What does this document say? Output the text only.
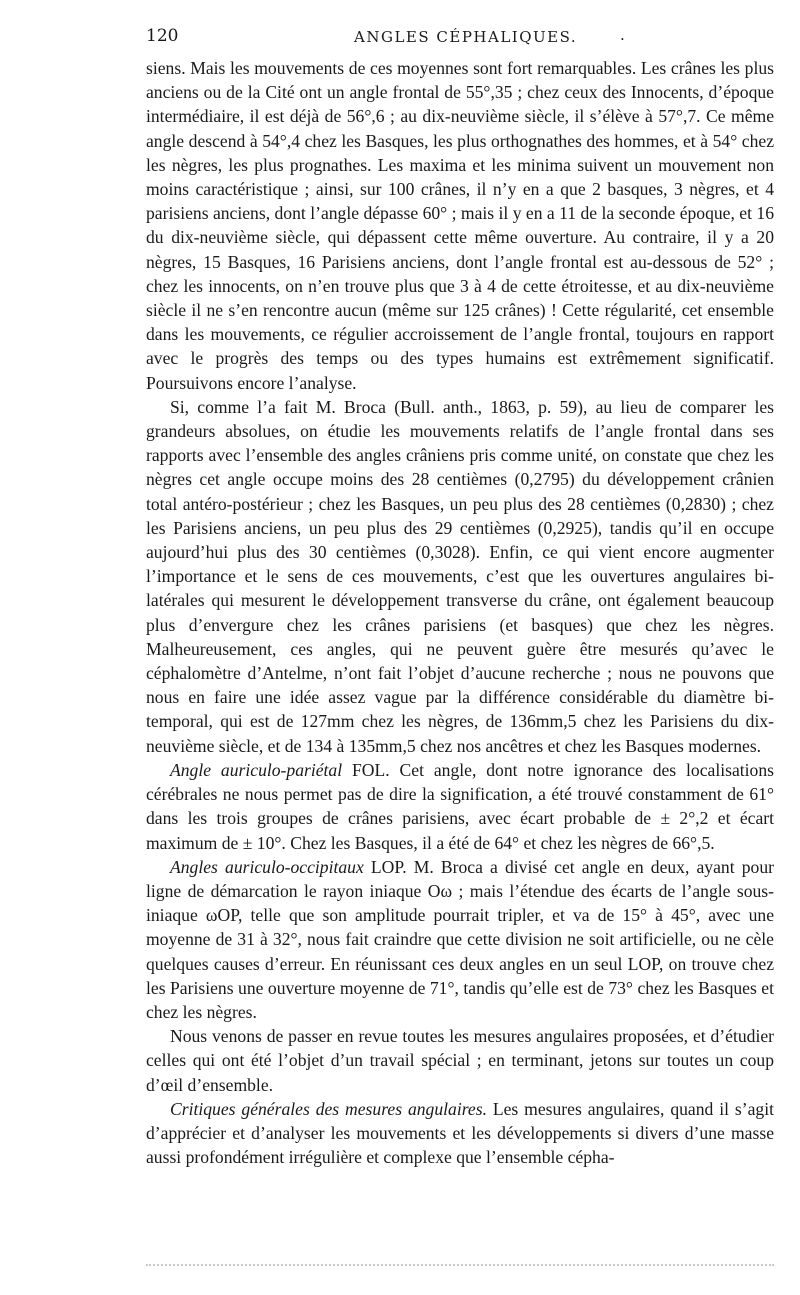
120	ANGLES CÉPHALIQUES.	.

siens. Mais les mouvements de ces moyennes sont fort remarquables. Les crânes les plus anciens ou de la Cité ont un angle frontal de 55°,35 ; chez ceux des Innocents, d’époque intermédiaire, il est déjà de 56°,6 ; au dix-neuvième siècle, il s’élève à 57°,7. Ce même angle descend à 54°,4 chez les Basques, les plus orthognathes des hommes, et à 54° chez les nègres, les plus prognathes. Les maxima et les minima suivent un mouvement non moins caractéristique ; ainsi, sur 100 crânes, il n’y en a que 2 basques, 3 nègres, et 4 parisiens anciens, dont l’angle dépasse 60° ; mais il y en a 11 de la seconde époque, et 16 du dix-neuvième siècle, qui dépassent cette même ouverture. Au contraire, il y a 20 nègres, 15 Basques, 16 Parisiens anciens, dont l’angle frontal est au-dessous de 52° ; chez les innocents, on n’en trouve plus que 3 à 4 de cette étroitesse, et au dix-neuvième siècle il ne s’en rencontre aucun (même sur 125 crânes) ! Cette régularité, cet ensemble dans les mouvements, ce régulier accroissement de l’angle frontal, toujours en rapport avec le progrès des temps ou des types humains est extrêmement significatif. Poursuivons encore l’analyse.

Si, comme l’a fait M. Broca (Bull. anth., 1863, p. 59), au lieu de comparer les grandeurs absolues, on étudie les mouvements relatifs de l’angle frontal dans ses rapports avec l’ensemble des angles crâniens pris comme unité, on constate que chez les nègres cet angle occupe moins des 28 centièmes (0,2795) du développement crânien total antéro-postérieur ; chez les Basques, un peu plus des 28 centièmes (0,2830) ; chez les Parisiens anciens, un peu plus des 29 centièmes (0,2925), tandis qu’il en occupe aujourd’hui plus des 30 centièmes (0,3028). Enfin, ce qui vient encore augmenter l’importance et le sens de ces mouvements, c’est que les ouvertures angulaires bi-latérales qui mesurent le développement transverse du crâne, ont également beaucoup plus d’envergure chez les crânes parisiens (et basques) que chez les nègres. Malheureusement, ces angles, qui ne peuvent guère être mesurés qu’avec le céphalomètre d’Antelme, n’ont fait l’objet d’aucune recherche ; nous ne pouvons que nous en faire une idée assez vague par la différence considérable du diamètre bi-temporal, qui est de 127mm chez les nègres, de 136mm,5 chez les Parisiens du dix-neuvième siècle, et de 134 à 135mm,5 chez nos ancêtres et chez les Basques modernes.

Angle auriculo-pariétal FOL. Cet angle, dont notre ignorance des localisations cérébrales ne nous permet pas de dire la signification, a été trouvé constamment de 61° dans les trois groupes de crânes parisiens, avec écart probable de ± 2°,2 et écart maximum de ± 10°. Chez les Basques, il a été de 64° et chez les nègres de 66°,5.

Angles auriculo-occipitaux LOP. M. Broca a divisé cet angle en deux, ayant pour ligne de démarcation le rayon iniaque Oω ; mais l’étendue des écarts de l’angle sous-iniaque ωOP, telle que son amplitude pourrait tripler, et va de 15° à 45°, avec une moyenne de 31 à 32°, nous fait craindre que cette division ne soit artificielle, ou ne cèle quelques causes d’erreur. En réunissant ces deux angles en un seul LOP, on trouve chez les Parisiens une ouverture moyenne de 71°, tandis qu’elle est de 73° chez les Basques et chez les nègres.

Nous venons de passer en revue toutes les mesures angulaires proposées, et d’étudier celles qui ont été l’objet d’un travail spécial ; en terminant, jetons sur toutes un coup d’œil d’ensemble.

Critiques générales des mesures angulaires. Les mesures angulaires, quand il s’agit d’apprécier et d’analyser les mouvements et les développements si divers d’une masse aussi profondément irrégulière et complexe que l’ensemble cépha-
